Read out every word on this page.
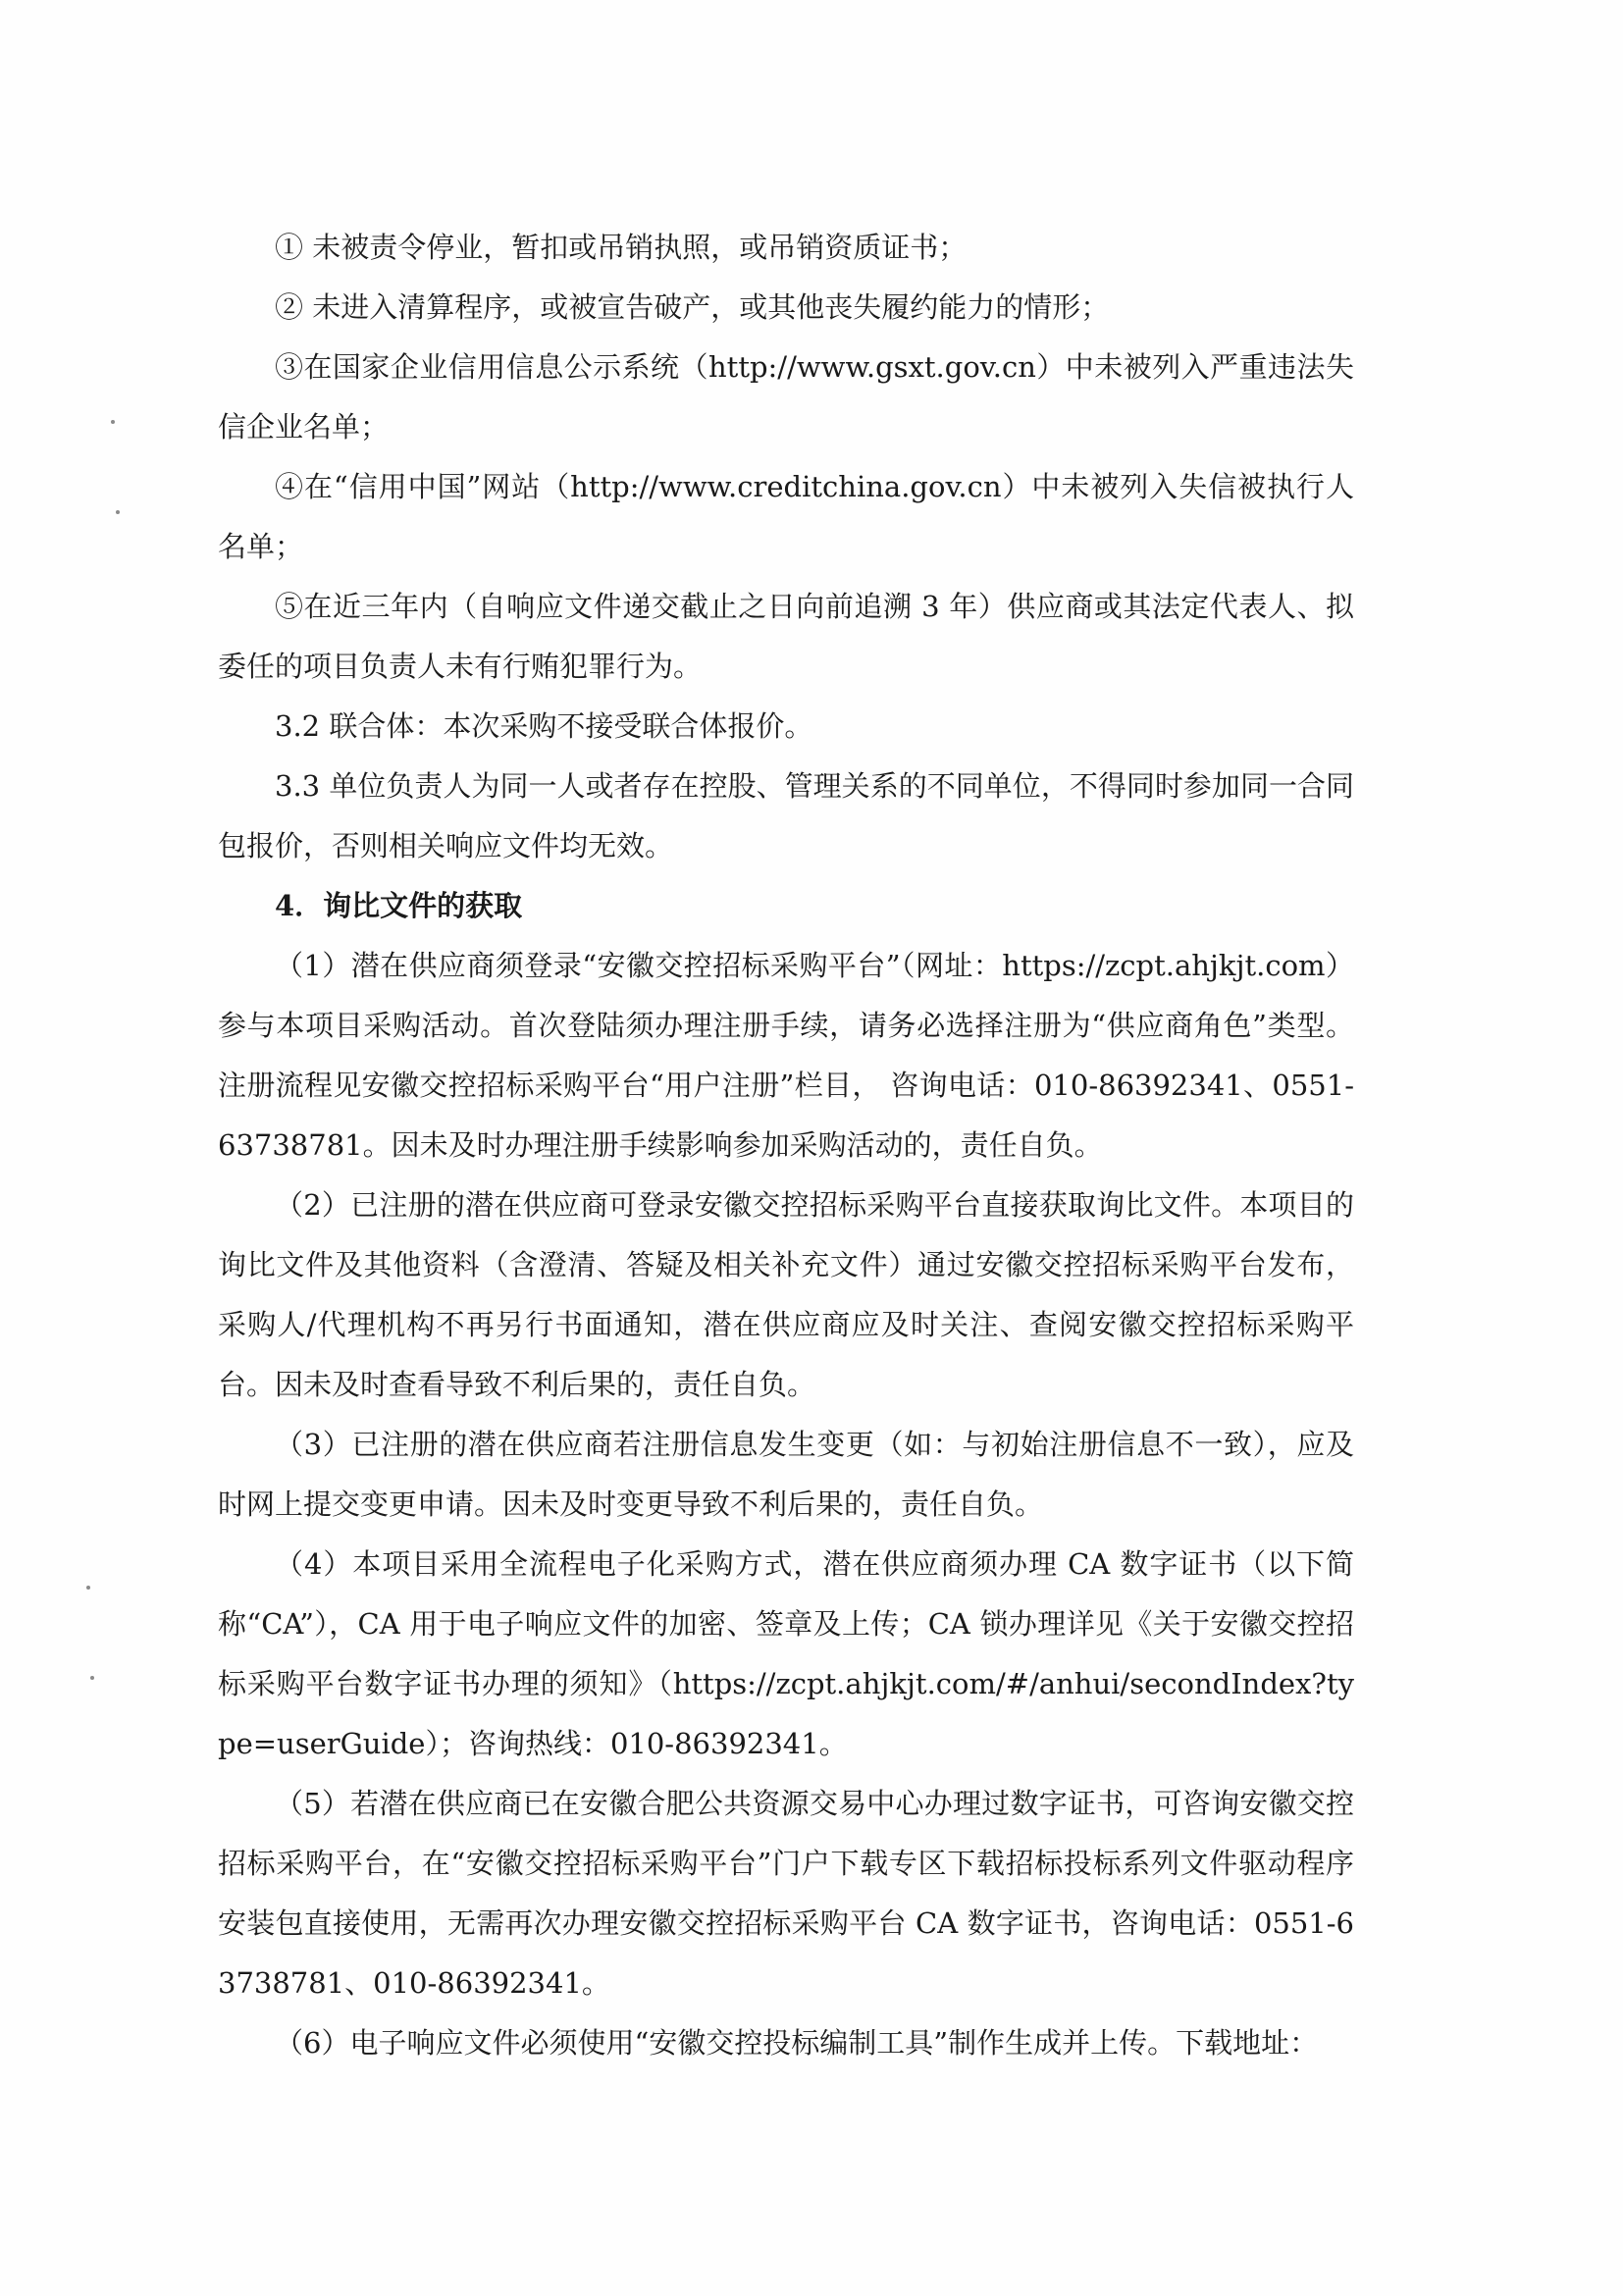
① 未被责令停业，暂扣或吊销执照，或吊销资质证书；

② 未进入清算程序，或被宣告破产，或其他丧失履约能力的情形；

③在国家企业信用信息公示系统（http://www.gsxt.gov.cn）中未被列入严重违法失信企业名单；

④在“信用中国”网站（http://www.creditchina.gov.cn）中未被列入失信被执行人名单；

⑤在近三年内（自响应文件递交截止之日向前追溯 3 年）供应商或其法定代表人、拟委任的项目负责人未有行贿犯罪行为。

3.2 联合体：本次采购不接受联合体报价。

3.3 单位负责人为同一人或者存在控股、管理关系的不同单位，不得同时参加同一合同包报价，否则相关响应文件均无效。

4．询比文件的获取

（1）潜在供应商须登录“安徽交控招标采购平台”（网址：https://zcpt.ahjkjt.com）参与本项目采购活动。首次登陆须办理注册手续，请务必选择注册为“供应商角色”类型。注册流程见安徽交控招标采购平台“用户注册”栏目， 咨询电话：010-86392341、0551-63738781。因未及时办理注册手续影响参加采购活动的，责任自负。

（2）已注册的潜在供应商可登录安徽交控招标采购平台直接获取询比文件。本项目的询比文件及其他资料（含澄清、答疑及相关补充文件）通过安徽交控招标采购平台发布，采购人/代理机构不再另行书面通知，潜在供应商应及时关注、查阅安徽交控招标采购平台。因未及时查看导致不利后果的，责任自负。

（3）已注册的潜在供应商若注册信息发生变更（如：与初始注册信息不一致），应及时网上提交变更申请。因未及时变更导致不利后果的，责任自负。

（4）本项目采用全流程电子化采购方式，潜在供应商须办理 CA 数字证书（以下简称“CA”），CA 用于电子响应文件的加密、签章及上传；CA 锁办理详见《关于安徽交控招标采购平台数字证书办理的须知》（https://zcpt.ahjkjt.com/#/anhui/secondIndex?type=userGuide）；咨询热线：010-86392341。

（5）若潜在供应商已在安徽合肥公共资源交易中心办理过数字证书，可咨询安徽交控招标采购平台，在“安徽交控招标采购平台”门户下载专区下载招标投标系列文件驱动程序安装包直接使用，无需再次办理安徽交控招标采购平台 CA 数字证书，咨询电话：0551-63738781、010-86392341。

（6）电子响应文件必须使用“安徽交控投标编制工具”制作生成并上传。下载地址：
